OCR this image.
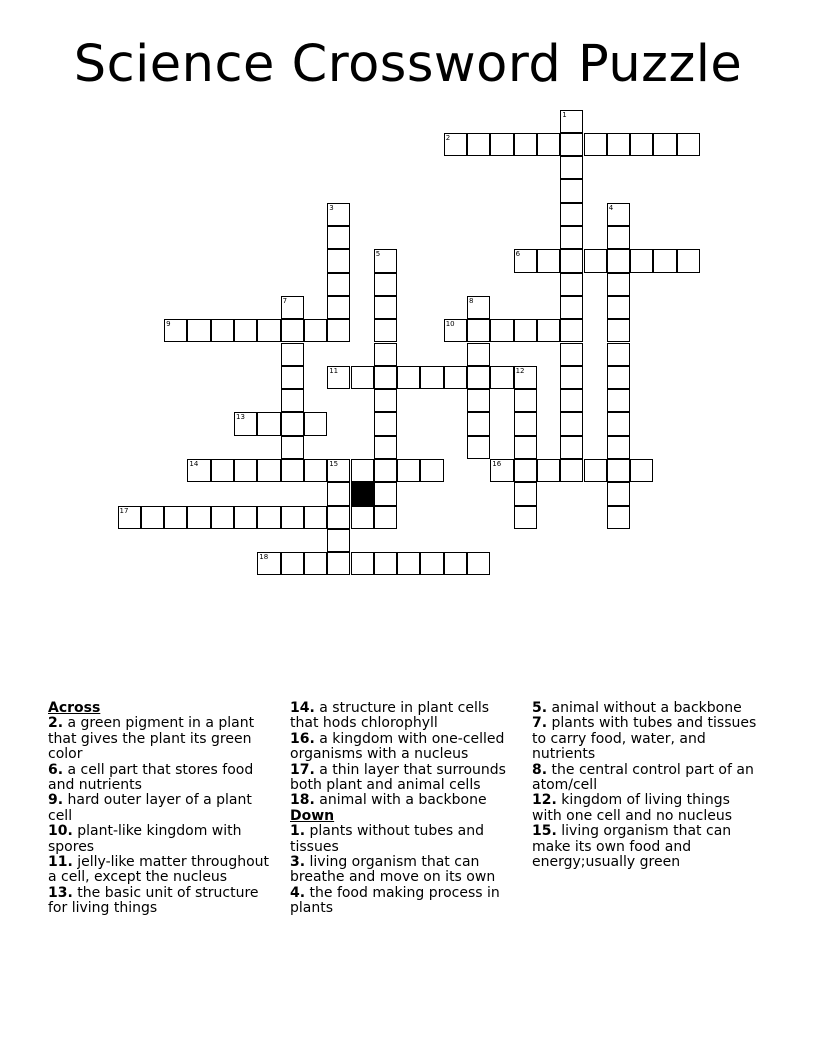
Science Crossword Puzzle
1
2
3	4
5	6
7	8
9	10
11	12
13
14	15	16
17
18
Across

2. a green pigment in a plant that gives the plant its green color

6. a cell part that stores food and nutrients

9. hard outer layer of a plant cell

10. plant-like kingdom with spores

11. jelly-like matter throughout a cell, except the nucleus

13. the basic unit of structure for living things

14. a structure in plant cells that hods chlorophyll

16. a kingdom with one-celled organisms with a nucleus

17. a thin layer that surrounds both plant and animal cells

18. animal with a backbone

Down

1. plants without tubes and tissues

3. living organism that can breathe and move on its own

4. the food making process in plants

5. animal without a backbone

7. plants with tubes and tissues to carry food, water, and nutrients

8. the central control part of an atom/cell

12. kingdom of living things with one cell and no nucleus

15. living organism that can make its own food and energy;usually green
